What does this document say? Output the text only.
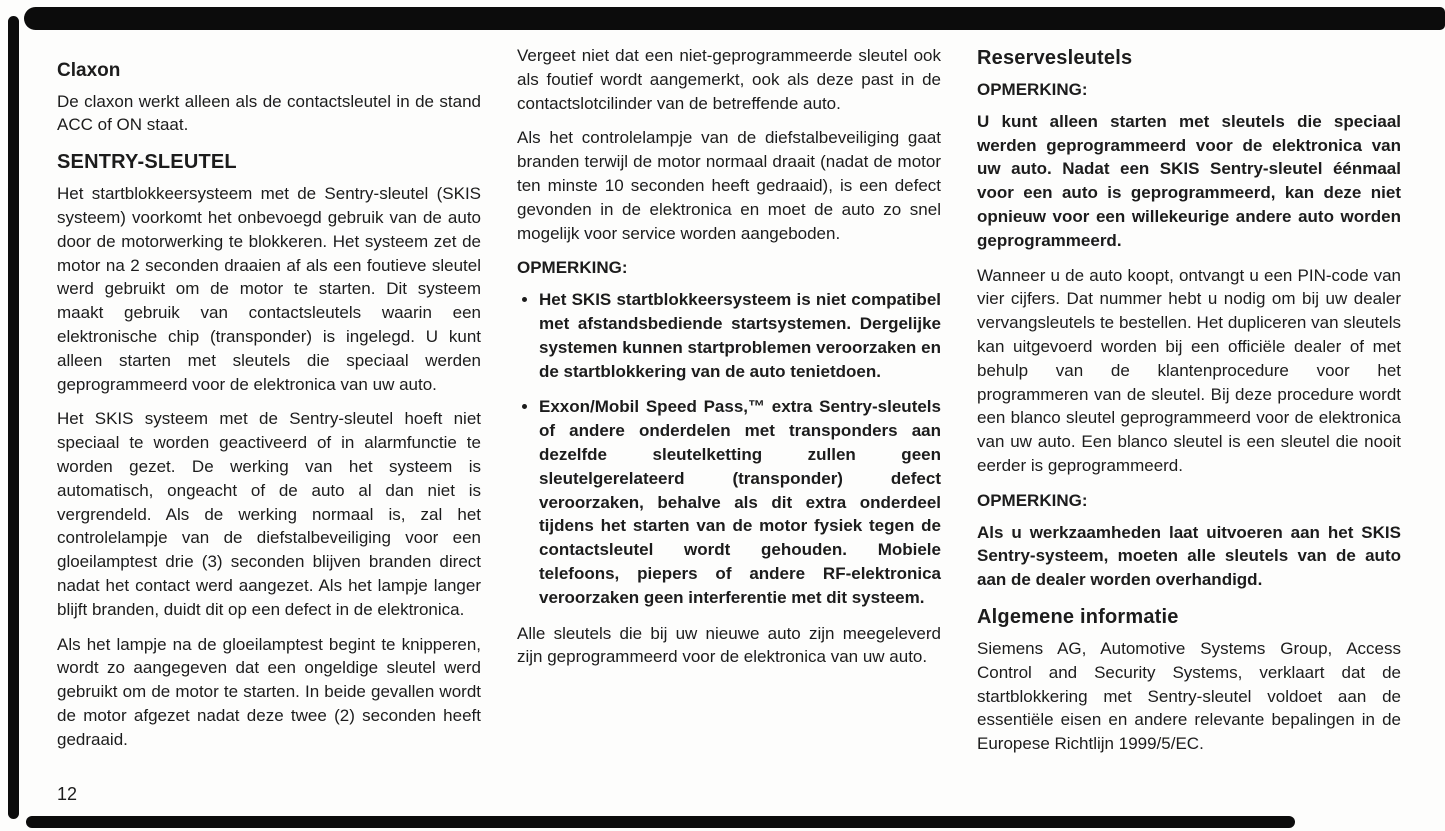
Claxon

De claxon werkt alleen als de contactsleutel in de stand ACC of ON staat.

SENTRY-SLEUTEL

Het startblokkeersysteem met de Sentry-sleutel (SKIS systeem) voorkomt het onbevoegd gebruik van de auto door de motorwerking te blokkeren. Het systeem zet de motor na 2 seconden draaien af als een foutieve sleutel werd gebruikt om de motor te starten. Dit systeem maakt gebruik van contactsleutels waarin een elektronische chip (transponder) is ingelegd. U kunt alleen starten met sleutels die speciaal werden geprogrammeerd voor de elektronica van uw auto.

Het SKIS systeem met de Sentry-sleutel hoeft niet speciaal te worden geactiveerd of in alarmfunctie te worden gezet. De werking van het systeem is automatisch, ongeacht of de auto al dan niet is vergrendeld. Als de werking normaal is, zal het controlelampje van de diefstalbeveiliging voor een gloeilamptest drie (3) seconden blijven branden direct nadat het contact werd aangezet. Als het lampje langer blijft branden, duidt dit op een defect in de elektronica.

Als het lampje na de gloeilamptest begint te knipperen, wordt zo aangegeven dat een ongeldige sleutel werd gebruikt om de motor te starten. In beide gevallen wordt de motor afgezet nadat deze twee (2) seconden heeft gedraaid.

Vergeet niet dat een niet-geprogrammeerde sleutel ook als foutief wordt aangemerkt, ook als deze past in de contactslotcilinder van de betreffende auto.

Als het controlelampje van de diefstalbeveiliging gaat branden terwijl de motor normaal draait (nadat de motor ten minste 10 seconden heeft gedraaid), is een defect gevonden in de elektronica en moet de auto zo snel mogelijk voor service worden aangeboden.

OPMERKING:
• Het SKIS startblokkeersysteem is niet compatibel met afstandsbediende startsystemen. Dergelijke systemen kunnen startproblemen veroorzaken en de startblokkering van de auto tenietdoen.
• Exxon/Mobil Speed Pass,™ extra Sentry-sleutels of andere onderdelen met transponders aan dezelfde sleutelketting zullen geen sleutelgerelateerd (transponder) defect veroorzaken, behalve als dit extra onderdeel tijdens het starten van de motor fysiek tegen de contactsleutel wordt gehouden. Mobiele telefoons, piepers of andere RF-elektronica veroorzaken geen interferentie met dit systeem.

Alle sleutels die bij uw nieuwe auto zijn meegeleverd zijn geprogrammeerd voor de elektronica van uw auto.

Reservesleutels
OPMERKING:

U kunt alleen starten met sleutels die speciaal werden geprogrammeerd voor de elektronica van uw auto. Nadat een SKIS Sentry-sleutel éénmaal voor een auto is geprogrammeerd, kan deze niet opnieuw voor een willekeurige andere auto worden geprogrammeerd.

Wanneer u de auto koopt, ontvangt u een PIN-code van vier cijfers. Dat nummer hebt u nodig om bij uw dealer vervangsleutels te bestellen. Het dupliceren van sleutels kan uitgevoerd worden bij een officiële dealer of met behulp van de klantenprocedure voor het programmeren van de sleutel. Bij deze procedure wordt een blanco sleutel geprogrammeerd voor de elektronica van uw auto. Een blanco sleutel is een sleutel die nooit eerder is geprogrammeerd.

OPMERKING:

Als u werkzaamheden laat uitvoeren aan het SKIS Sentry-systeem, moeten alle sleutels van de auto aan de dealer worden overhandigd.

Algemene informatie

Siemens AG, Automotive Systems Group, Access Control and Security Systems, verklaart dat de startblokkering met Sentry-sleutel voldoet aan de essentiële eisen en andere relevante bepalingen in de Europese Richtlijn 1999/5/EC.

12
